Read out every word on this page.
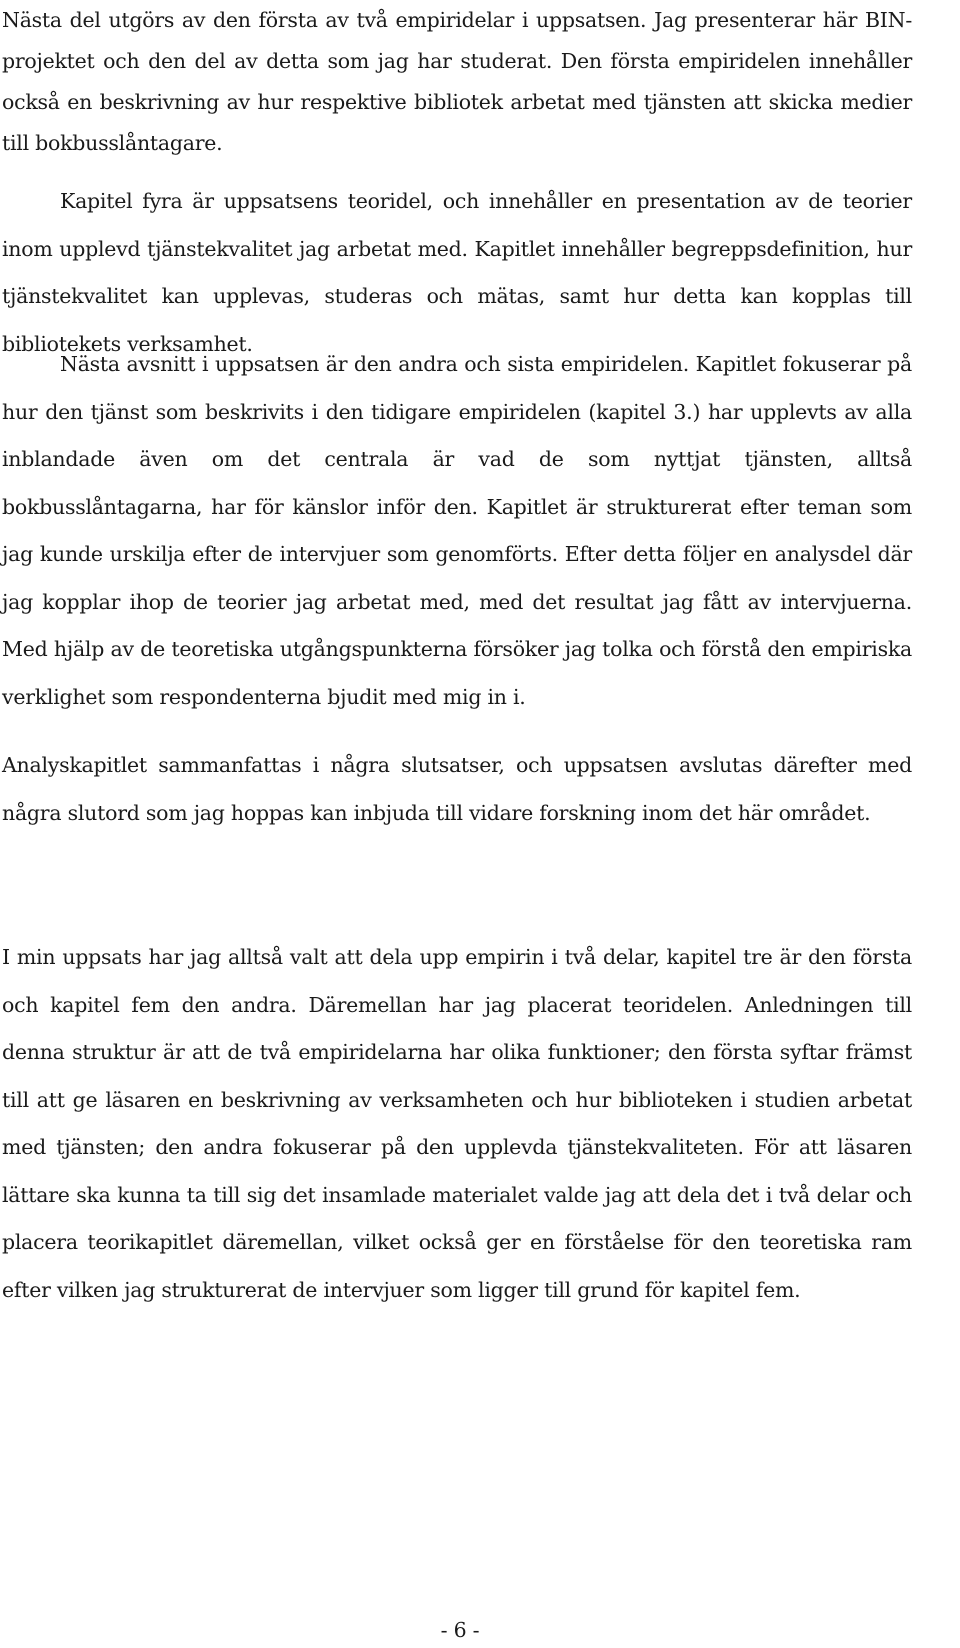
Nästa del utgörs av den första av två empiridelar i uppsatsen. Jag presenterar här BIN-projektet och den del av detta som jag har studerat. Den första empiridelen innehåller också en beskrivning av hur respektive bibliotek arbetat med tjänsten att skicka medier till bokbusslåntagare.

Kapitel fyra är uppsatsens teoridel, och innehåller en presentation av de teorier inom upplevd tjänstekvalitet jag arbetat med. Kapitlet innehåller begreppsdefinition, hur tjänstekvalitet kan upplevas, studeras och mätas, samt hur detta kan kopplas till bibliotekets verksamhet.

Nästa avsnitt i uppsatsen är den andra och sista empiridelen. Kapitlet fokuserar på hur den tjänst som beskrivits i den tidigare empiridelen (kapitel 3.) har upplevts av alla inblandade även om det centrala är vad de som nyttjat tjänsten, alltså bokbusslåntagarna, har för känslor inför den. Kapitlet är strukturerat efter teman som jag kunde urskilja efter de intervjuer som genomförts. Efter detta följer en analysdel där jag kopplar ihop de teorier jag arbetat med, med det resultat jag fått av intervjuerna. Med hjälp av de teoretiska utgångspunkterna försöker jag tolka och förstå den empiriska verklighet som respondenterna bjudit med mig in i.

Analyskapitlet sammanfattas i några slutsatser, och uppsatsen avslutas därefter med några slutord som jag hoppas kan inbjuda till vidare forskning inom det här området.

I min uppsats har jag alltså valt att dela upp empirin i två delar, kapitel tre är den första och kapitel fem den andra. Däremellan har jag placerat teoridelen. Anledningen till denna struktur är att de två empiridelarna har olika funktioner; den första syftar främst till att ge läsaren en beskrivning av verksamheten och hur biblioteken i studien arbetat med tjänsten; den andra fokuserar på den upplevda tjänstekvaliteten. För att läsaren lättare ska kunna ta till sig det insamlade materialet valde jag att dela det i två delar och placera teorikapitlet däremellan, vilket också ger en förståelse för den teoretiska ram efter vilken jag strukturerat de intervjuer som ligger till grund för kapitel fem.

- 6 -
